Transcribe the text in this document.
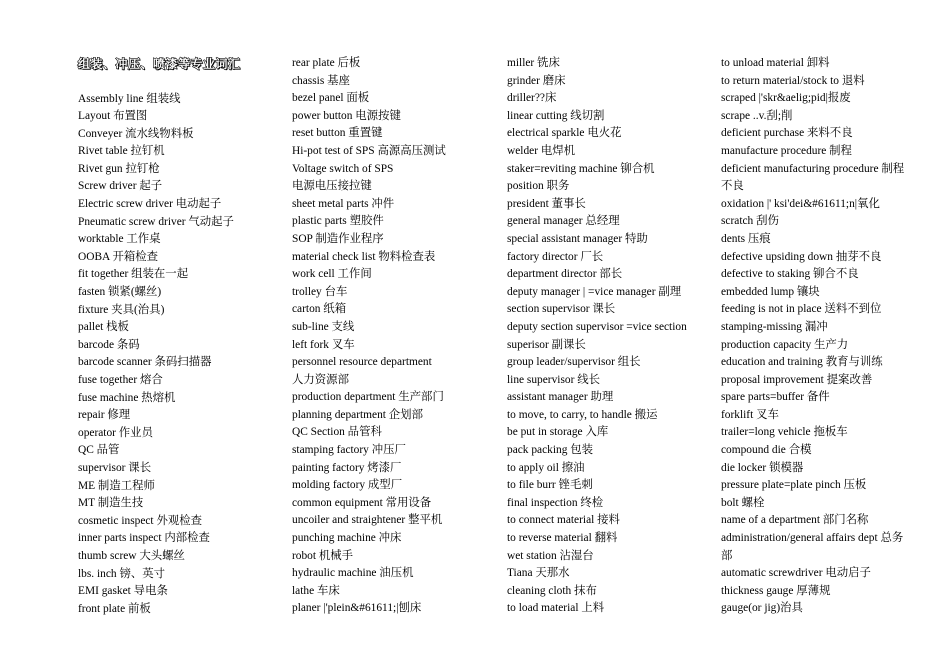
组装、冲压、喷漆等专业词汇
Assembly line 组装线
Layout 布置图
Conveyer 流水线物料板
Rivet table 拉钉机
Rivet gun 拉钉枪
Screw driver 起子
Electric screw driver 电动起子
Pneumatic screw driver 气动起子
worktable 工作桌
OOBA 开箱检查
fit together 组装在一起
fasten 锁紧(螺丝)
fixture 夹具(治具)
pallet 栈板
barcode 条码
barcode scanner 条码扫描器
fuse together 熔合
fuse machine 热熔机
repair 修理
operator 作业员
QC 品管
supervisor 课长
ME 制造工程师
MT 制造生技
cosmetic inspect 外观检查
inner parts inspect 内部检查
thumb screw 大头螺丝
lbs. inch 镑、英寸
EMI gasket 导电条
front plate 前板
rear plate 后板
chassis 基座
bezel panel 面板
power button 电源按键
reset button 重置键
Hi-pot test of SPS 高源高压测试
Voltage switch of SPS
电源电压接拉键
sheet metal parts 冲件
plastic parts 塑胶件
SOP 制造作业程序
material check list 物料检查表
work cell 工作间
trolley 台车
carton 纸箱
sub-line 支线
left fork 叉车
personnel resource department
人力资源部
production department 生产部门
planning department 企划部
QC Section 品管科
stamping factory 冲压厂
painting factory 烤漆厂
molding factory 成型厂
common equipment 常用设备
uncoiler and straightener 整平机
punching machine 冲床
robot 机械手
hydraulic machine 油压机
lathe 车床
planer |'plein&#61611;|刨床
miller 铣床
grinder 磨床
driller??床
linear cutting 线切割
electrical sparkle 电火花
welder 电焊机
staker=reviting machine 铆合机
position 职务
president 董事长
general manager 总经理
special assistant manager 特助
factory director 厂长
department director 部长
deputy manager | =vice manager 副理
section supervisor 课长
deputy section supervisor =vice section
superisor 副课长
group leader/supervisor 组长
line supervisor 线长
assistant manager 助理
to move, to carry, to handle 搬运
be put in storage 入库
pack packing 包装
to apply oil 擦油
to file burr 锉毛刺
final inspection 终检
to connect material 接料
to reverse material 翻料
wet station 沾湿台
Tiana 天那水
cleaning cloth 抹布
to load material 上料
to unload material 卸料
to return material/stock to 退料
scraped |'skr&aelig;pid|报废
scrape ..v.刮;削
deficient purchase 来料不良
manufacture procedure 制程
deficient manufacturing procedure 制程
不良
oxidation |' ksi'dei&#61611;n|氧化
scratch 刮伤
dents 压痕
defective upsiding down 抽芽不良
defective to staking 铆合不良
embedded lump 镶块
feeding is not in place 送料不到位
stamping-missing 漏冲
production capacity 生产力
education and training 教育与训练
proposal improvement 提案改善
spare parts=buffer 备件
forklift 叉车
trailer=long vehicle 拖板车
compound die 合模
die locker 锁模器
pressure plate=plate pinch 压板
bolt 螺栓
name of a department 部门名称
administration/general affairs dept 总务
部
automatic screwdriver 电动启子
thickness gauge 厚薄规
gauge(or jig)治具
